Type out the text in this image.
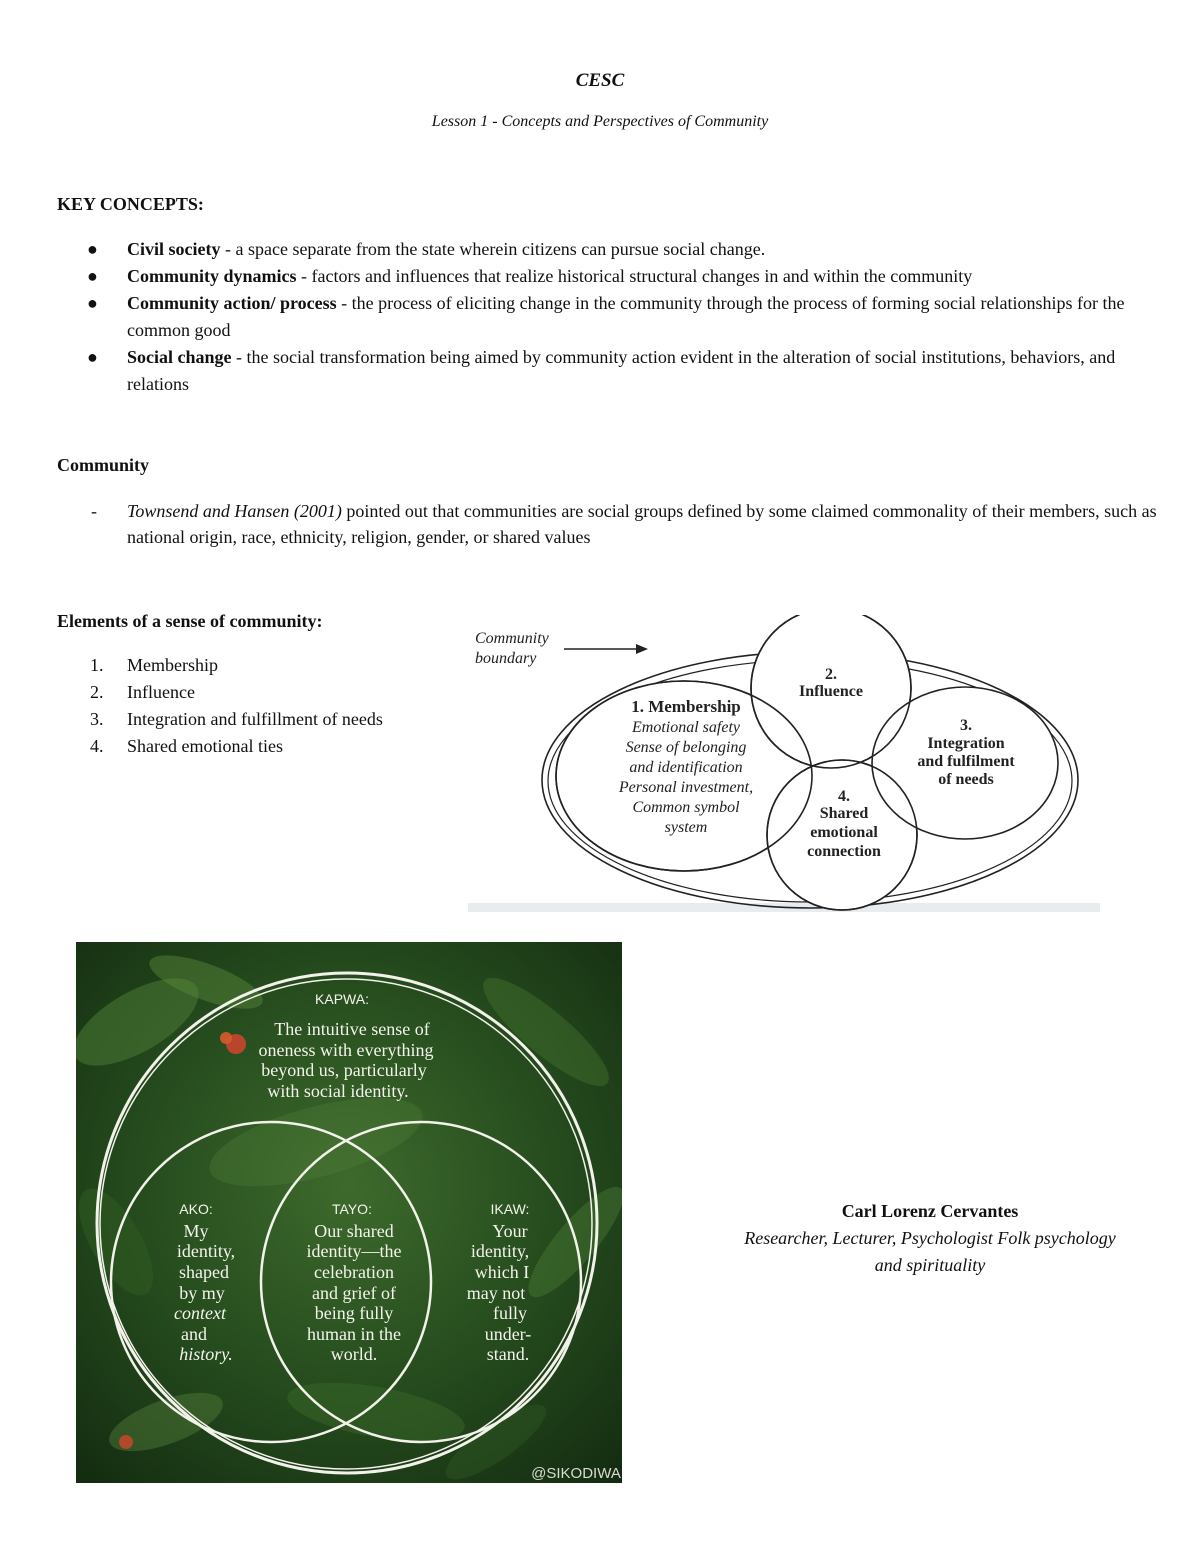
CESC
Lesson 1 - Concepts and Perspectives of Community
KEY CONCEPTS:
● Civil society - a space separate from the state wherein citizens can pursue social change.
● Community dynamics - factors and influences that realize historical structural changes in and within the community
● Community action/ process - the process of eliciting change in the community through the process of forming social relationships for the common good
● Social change - the social transformation being aimed by community action evident in the alteration of social institutions, behaviors, and relations
Community
- Townsend and Hansen (2001) pointed out that communities are social groups defined by some claimed commonality of their members, such as national origin, race, ethnicity, religion, gender, or shared values
Elements of a sense of community:
1. Membership
2. Influence
3. Integration and fulfillment of needs
4. Shared emotional ties
Community
boundary
1. Membership
Emotional safety
Sense of belonging
and identification
Personal investment,
Common symbol
system
2.
Influence
3.
Integration
and fulfilment
of needs
4.
Shared
emotional
connection
KAPWA:
The intuitive sense of
oneness with everything
beyond us, particularly
with social identity.
AKO:
My
identity,
shaped
by my
context
and
history.
TAYO:
Our shared
identity—the
celebration
and grief of
being fully
human in the
world.
IKAW:
Your
identity,
which I
may not
fully
under-
stand.
@SIKODIWA
Carl Lorenz Cervantes
Researcher, Lecturer, Psychologist Folk psychology and spirituality
